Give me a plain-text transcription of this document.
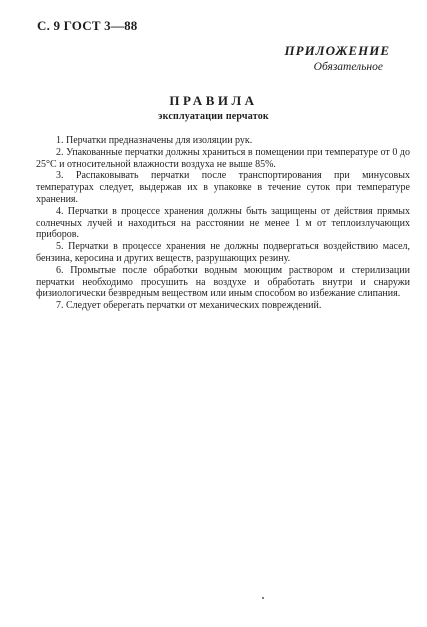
С. 9 ГОСТ 3—88
ПРИЛОЖЕНИЕ
Обязательное
ПРАВИЛА
эксплуатации перчаток

1. Перчатки предназначены для изоляции рук.

2. Упакованные перчатки должны храниться в помещении при температуре от 0 до 25°С и относительной влажности воздуха не выше 85%.

3. Распаковывать перчатки после транспортирования при минусовых температурах следует, выдержав их в упаковке в течение суток при температуре хранения.

4. Перчатки в процессе хранения должны быть защищены от действия прямых солнечных лучей и находиться на расстоянии не менее 1 м от теплоизлучающих приборов.

5. Перчатки в процессе хранения не должны подвергаться воздействию масел, бензина, керосина и других веществ, разрушающих резину.

6. Промытые после обработки водным моющим раствором и стерилизации перчатки необходимо просушить на воздухе и обработать внутри и снаружи физиологически безвредным веществом или иным способом во избежание слипания.

7. Следует оберегать перчатки от механических повреждений.
